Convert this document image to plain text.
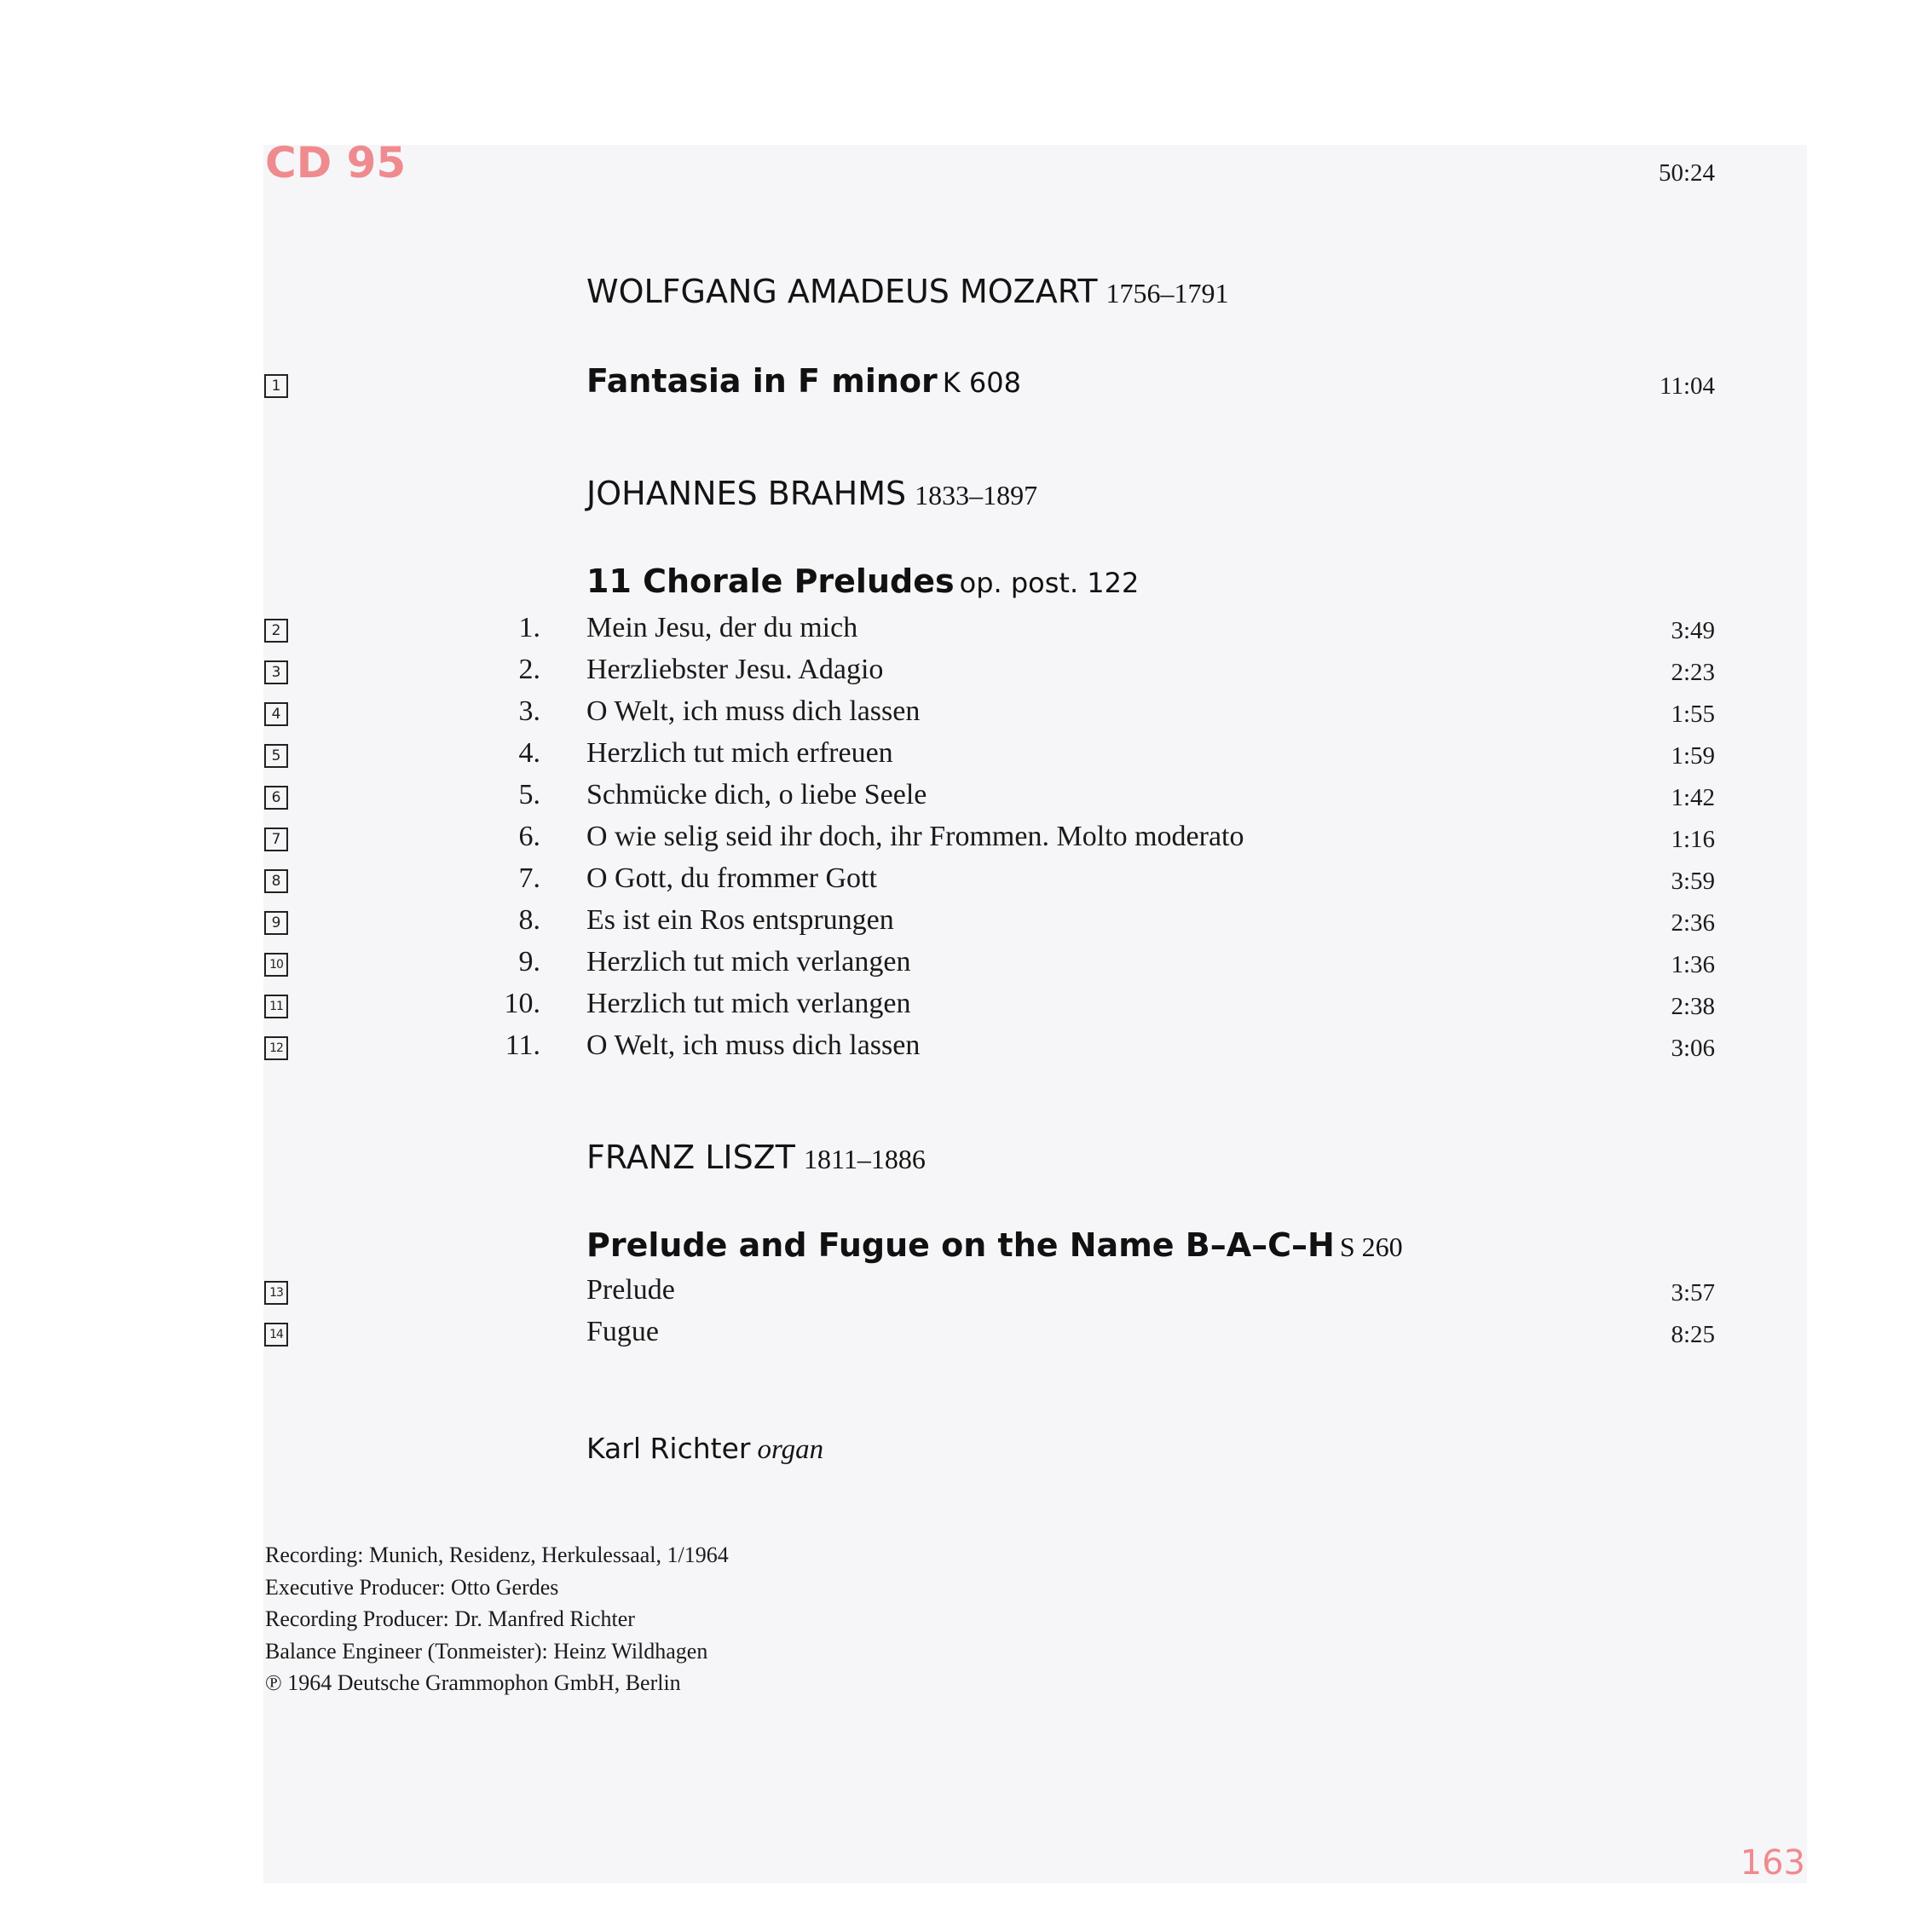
CD 95	50:24
WOLFGANG AMADEUS MOZART 1756–1791
Fantasia in F minor K 608
1	11:04
JOHANNES BRAHMS 1833–1897
11 Chorale Preludes op. post. 122
2	1. Mein Jesu, der du mich	3:49
3	2. Herzliebster Jesu. Adagio	2:23
4	3. O Welt, ich muss dich lassen	1:55
5	4. Herzlich tut mich erfreuen	1:59
6	5. Schmücke dich, o liebe Seele	1:42
7	6. O wie selig seid ihr doch, ihr Frommen. Molto moderato	1:16
8	7. O Gott, du frommer Gott	3:59
9	8. Es ist ein Ros entsprungen	2:36
10	9. Herzlich tut mich verlangen	1:36
11	10. Herzlich tut mich verlangen	2:38
12	11. O Welt, ich muss dich lassen	3:06
FRANZ LISZT 1811–1886
Prelude and Fugue on the Name B–A–C–H S 260
13	Prelude	3:57
14	Fugue	8:25
Karl Richter organ
Recording: Munich, Residenz, Herkulessaal, 1/1964
Executive Producer: Otto Gerdes
Recording Producer: Dr. Manfred Richter
Balance Engineer (Tonmeister): Heinz Wildhagen
℗ 1964 Deutsche Grammophon GmbH, Berlin
163
